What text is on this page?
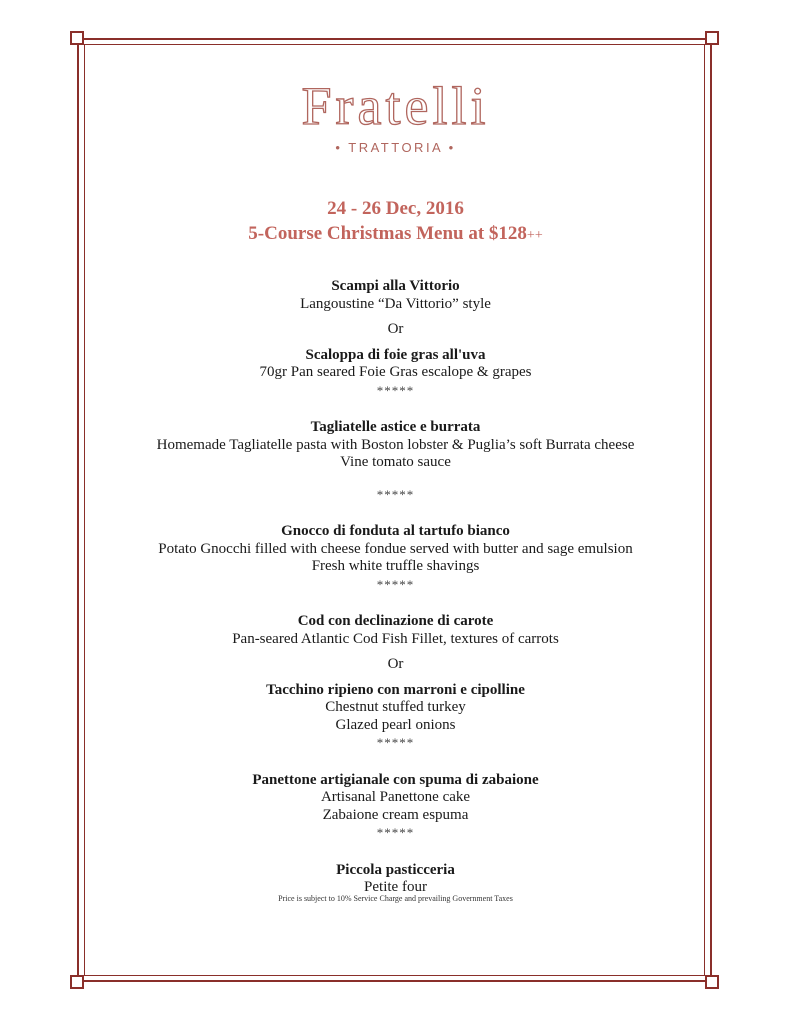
Fratelli
• TRATTORIA •
24 - 26 Dec, 2016
5-Course Christmas Menu at $128++
Scampi alla Vittorio
Langoustine “Da Vittorio” style
Or
Scaloppa di foie gras all'uva
70gr Pan seared Foie Gras escalope & grapes
*****
Tagliatelle astice e burrata
Homemade Tagliatelle pasta with Boston lobster & Puglia’s soft Burrata cheese
Vine tomato sauce
*****
Gnocco di fonduta al tartufo bianco
Potato Gnocchi filled with cheese fondue served with butter and sage emulsion
Fresh white truffle shavings
*****
Cod con declinazione di carote
Pan-seared Atlantic Cod Fish Fillet, textures of carrots
Or
Tacchino ripieno con marroni e cipolline
Chestnut stuffed turkey
Glazed pearl onions
*****
Panettone artigianale con spuma di zabaione
Artisanal Panettone cake
Zabaione cream espuma
*****
Piccola pasticceria
Petite four
Price is subject to 10% Service Charge and prevailing Government Taxes
